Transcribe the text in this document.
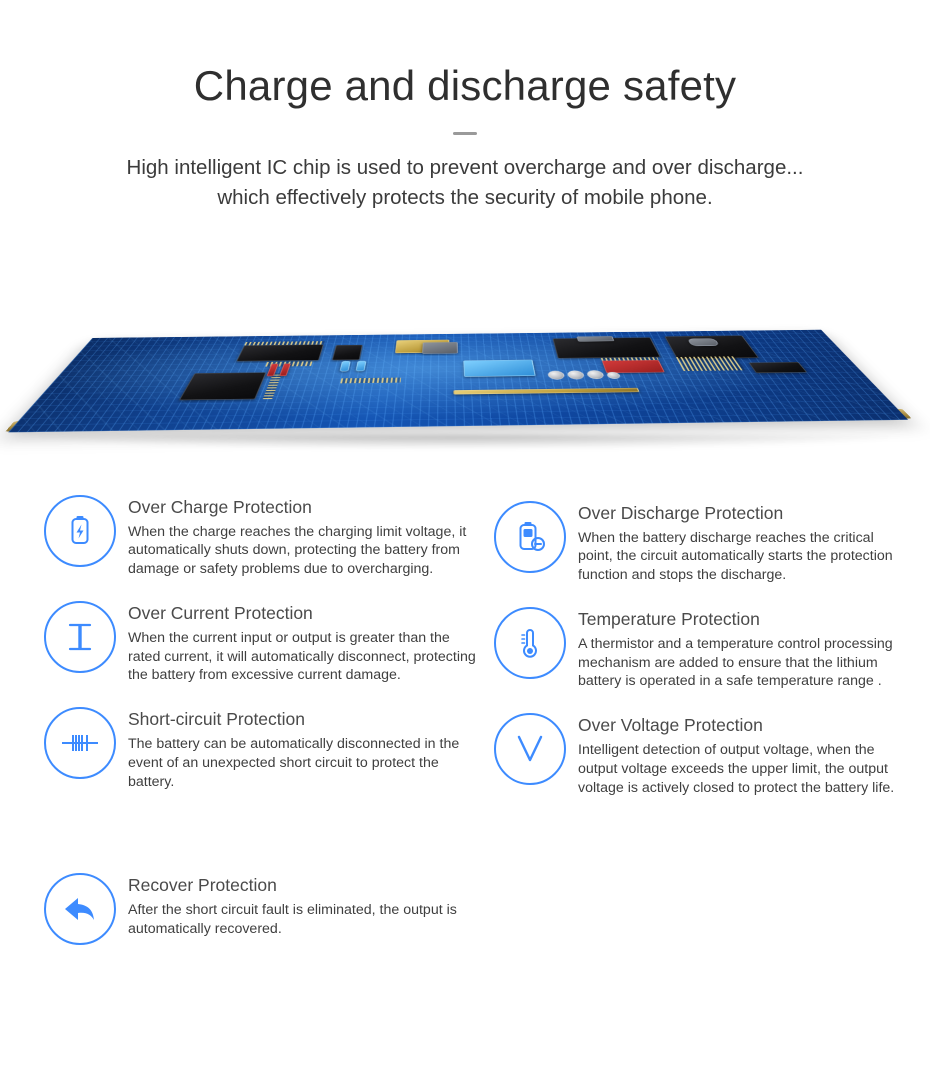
Charge and discharge safety

High intelligent IC chip is used to prevent overcharge and over discharge... which effectively protects the security of mobile phone.

Over Charge Protection

When the charge reaches the charging limit voltage, it automatically shuts down, protecting the battery from damage or safety problems due to overcharging.

Over Current Protection

When the current input or output is greater than the rated current, it will automatically disconnect, protecting the battery from excessive current damage.

Short-circuit Protection

The battery can be automatically disconnected in the event of an unexpected short circuit to protect the battery.

Recover Protection

After the short circuit fault is eliminated, the output is automatically recovered.

Over Discharge Protection

When the battery discharge reaches the critical point, the circuit automatically starts the protection function and stops the discharge.

Temperature Protection

A thermistor and a temperature control processing mechanism are added to ensure that the lithium battery is operated in a safe temperature range .

Over Voltage Protection

Intelligent detection of output voltage, when the output voltage exceeds the upper limit, the output voltage is actively closed to protect the battery life.
